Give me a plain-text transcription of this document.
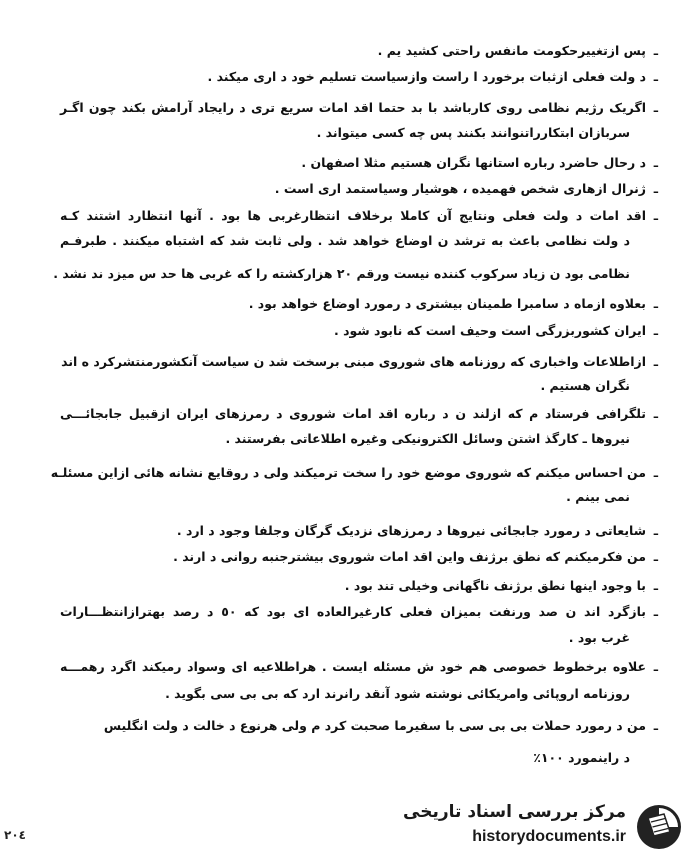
ـ
پس ازتغییرحکومت مانفس راحتی کشید یم .
ـ
د ولت فعلی ازثبات برخورد ا راست وازسیاست تسلیم خود د اری میکند .
ـ
اگریک رژیم نظامی روی کارباشد با بد حتما اقد امات سریع تری د رایجاد آرامش بکند چون اگـر
سربازان ابتکارراتنوانند بکنند پس چه کسی میتواند .
ـ
د رحال حاضرد رباره استانها نگران هستیم مثلا اصفهان .
ـ
ژنرال ازهاری شخص فهمیده ، هوشیار وسیاستمد اری است .
ـ
اقد امات د ولت فعلی ونتایج آن کاملا برخلاف انتظارغربی ها بود . آنها انتظارد اشتند کـه
د ولت نظامی باعث به ترشد ن اوضاع خواهد شد . ولی ثابت شد که اشتباه میکنند . طبرفـم
نظامی بود ن زیاد سرکوب کننده نیست ورقم ٢٠ هزارکشته را که غربی ها حد س میزد ند نشد .
ـ
بعلاوه ازماه د سامبرا طمینان بیشتری د رمورد اوضاع خواهد بود .
ـ
ایران کشوربزرگی است وحیف است که نابود شود .
ـ
ازاطلاعات واخباری که روزنامه های شوروی مبنی برسخت شد ن سیاست آنکشورمنتشرکرد ه اند
نگران هستیم .
ـ
تلگرافی فرستاد م که ازلند ن د رباره اقد امات شوروی د رمرزهای ایران ازقبیل جابجائـــی
نیروها ـ کارگذ اشتن وسائل الکترونیکی وغیره اطلاعاتی بفرستند .
ـ
من احساس میکنم که شوروی موضع خود را سخت ترمیکند ولی د روقایع نشانه هائی ازاین مسئلـه
نمی بینم .
ـ
شایعاتی د رمورد جابجائی نیروها د رمرزهای نزدیک گرگان وجلفا وجود د ارد .
ـ
من فکرمیکنم که نطق برژنف واین اقد امات شوروی بیشترجنبه روانی د ارند .
ـ
با وجود اینها نطق برژنف ناگهانی وخیلی تند بود .
ـ
بازگرد اند ن صد ورنفت بمیزان فعلی کارغیرالعاده ای بود که ٥٠ د رصد بهترازانتظـــارات
غرب بود .
ـ
علاوه برخطوط خصوصی هم خود ش مسئله ایست . هراطلاعیه ای وسواد رمیکند اگرد رهمـــه
روزنامه اروپائی وامریکائی نوشته شود آنقد رانرند ارد که بی بی سی بگوید .
ـ
من د رمورد حملات بی بی سی با سفیرما صحبت کرد م ولی هرنوع د خالت د ولت انگلیس
د راینمورد ١٠٠٪
۲۰٤
مرکز بررسی اسناد تاریخی
historydocuments.ir
